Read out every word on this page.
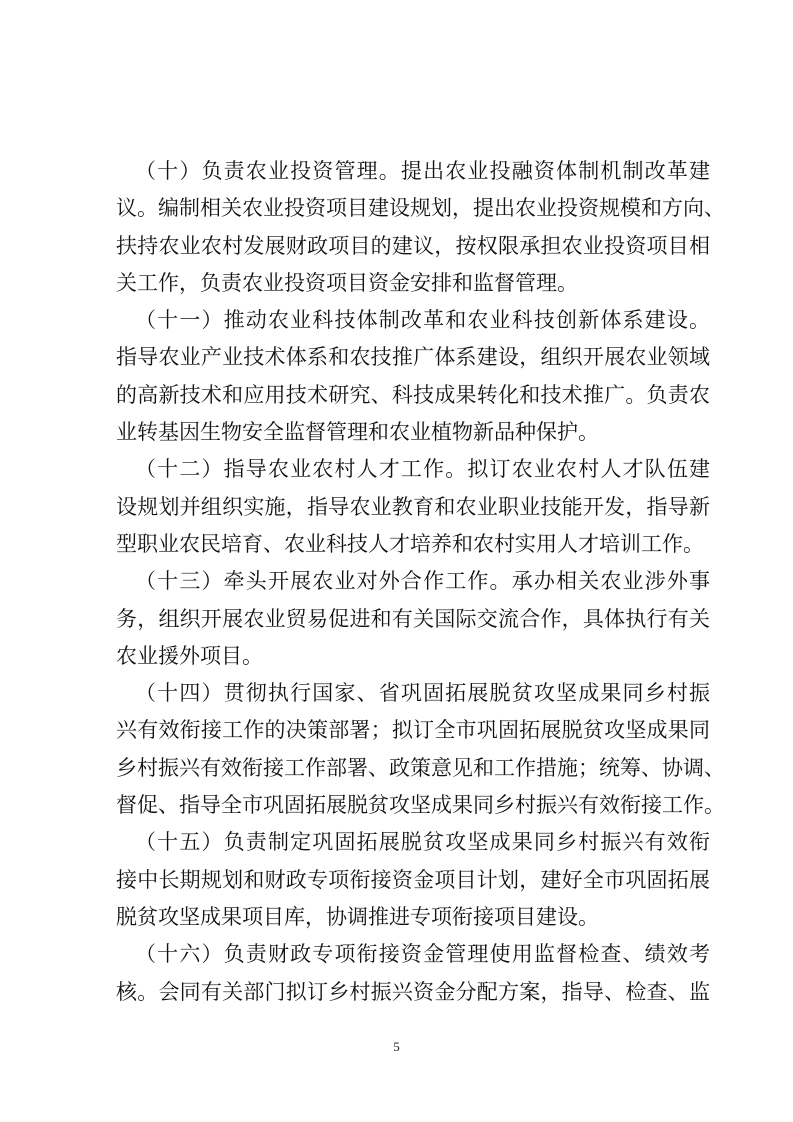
（十）负责农业投资管理。提出农业投融资体制机制改革建
议。编制相关农业投资项目建设规划，提出农业投资规模和方向、
扶持农业农村发展财政项目的建议，按权限承担农业投资项目相
关工作，负责农业投资项目资金安排和监督管理。
（十一）推动农业科技体制改革和农业科技创新体系建设。
指导农业产业技术体系和农技推广体系建设，组织开展农业领域
的高新技术和应用技术研究、科技成果转化和技术推广。负责农
业转基因生物安全监督管理和农业植物新品种保护。
（十二）指导农业农村人才工作。拟订农业农村人才队伍建
设规划并组织实施，指导农业教育和农业职业技能开发，指导新
型职业农民培育、农业科技人才培养和农村实用人才培训工作。
（十三）牵头开展农业对外合作工作。承办相关农业涉外事
务，组织开展农业贸易促进和有关国际交流合作，具体执行有关
农业援外项目。
（十四）贯彻执行国家、省巩固拓展脱贫攻坚成果同乡村振
兴有效衔接工作的决策部署；拟订全市巩固拓展脱贫攻坚成果同
乡村振兴有效衔接工作部署、政策意见和工作措施；统筹、协调、
督促、指导全市巩固拓展脱贫攻坚成果同乡村振兴有效衔接工作。
（十五）负责制定巩固拓展脱贫攻坚成果同乡村振兴有效衔
接中长期规划和财政专项衔接资金项目计划，建好全市巩固拓展
脱贫攻坚成果项目库，协调推进专项衔接项目建设。
（十六）负责财政专项衔接资金管理使用监督检查、绩效考
核。会同有关部门拟订乡村振兴资金分配方案，指导、检查、监
5
